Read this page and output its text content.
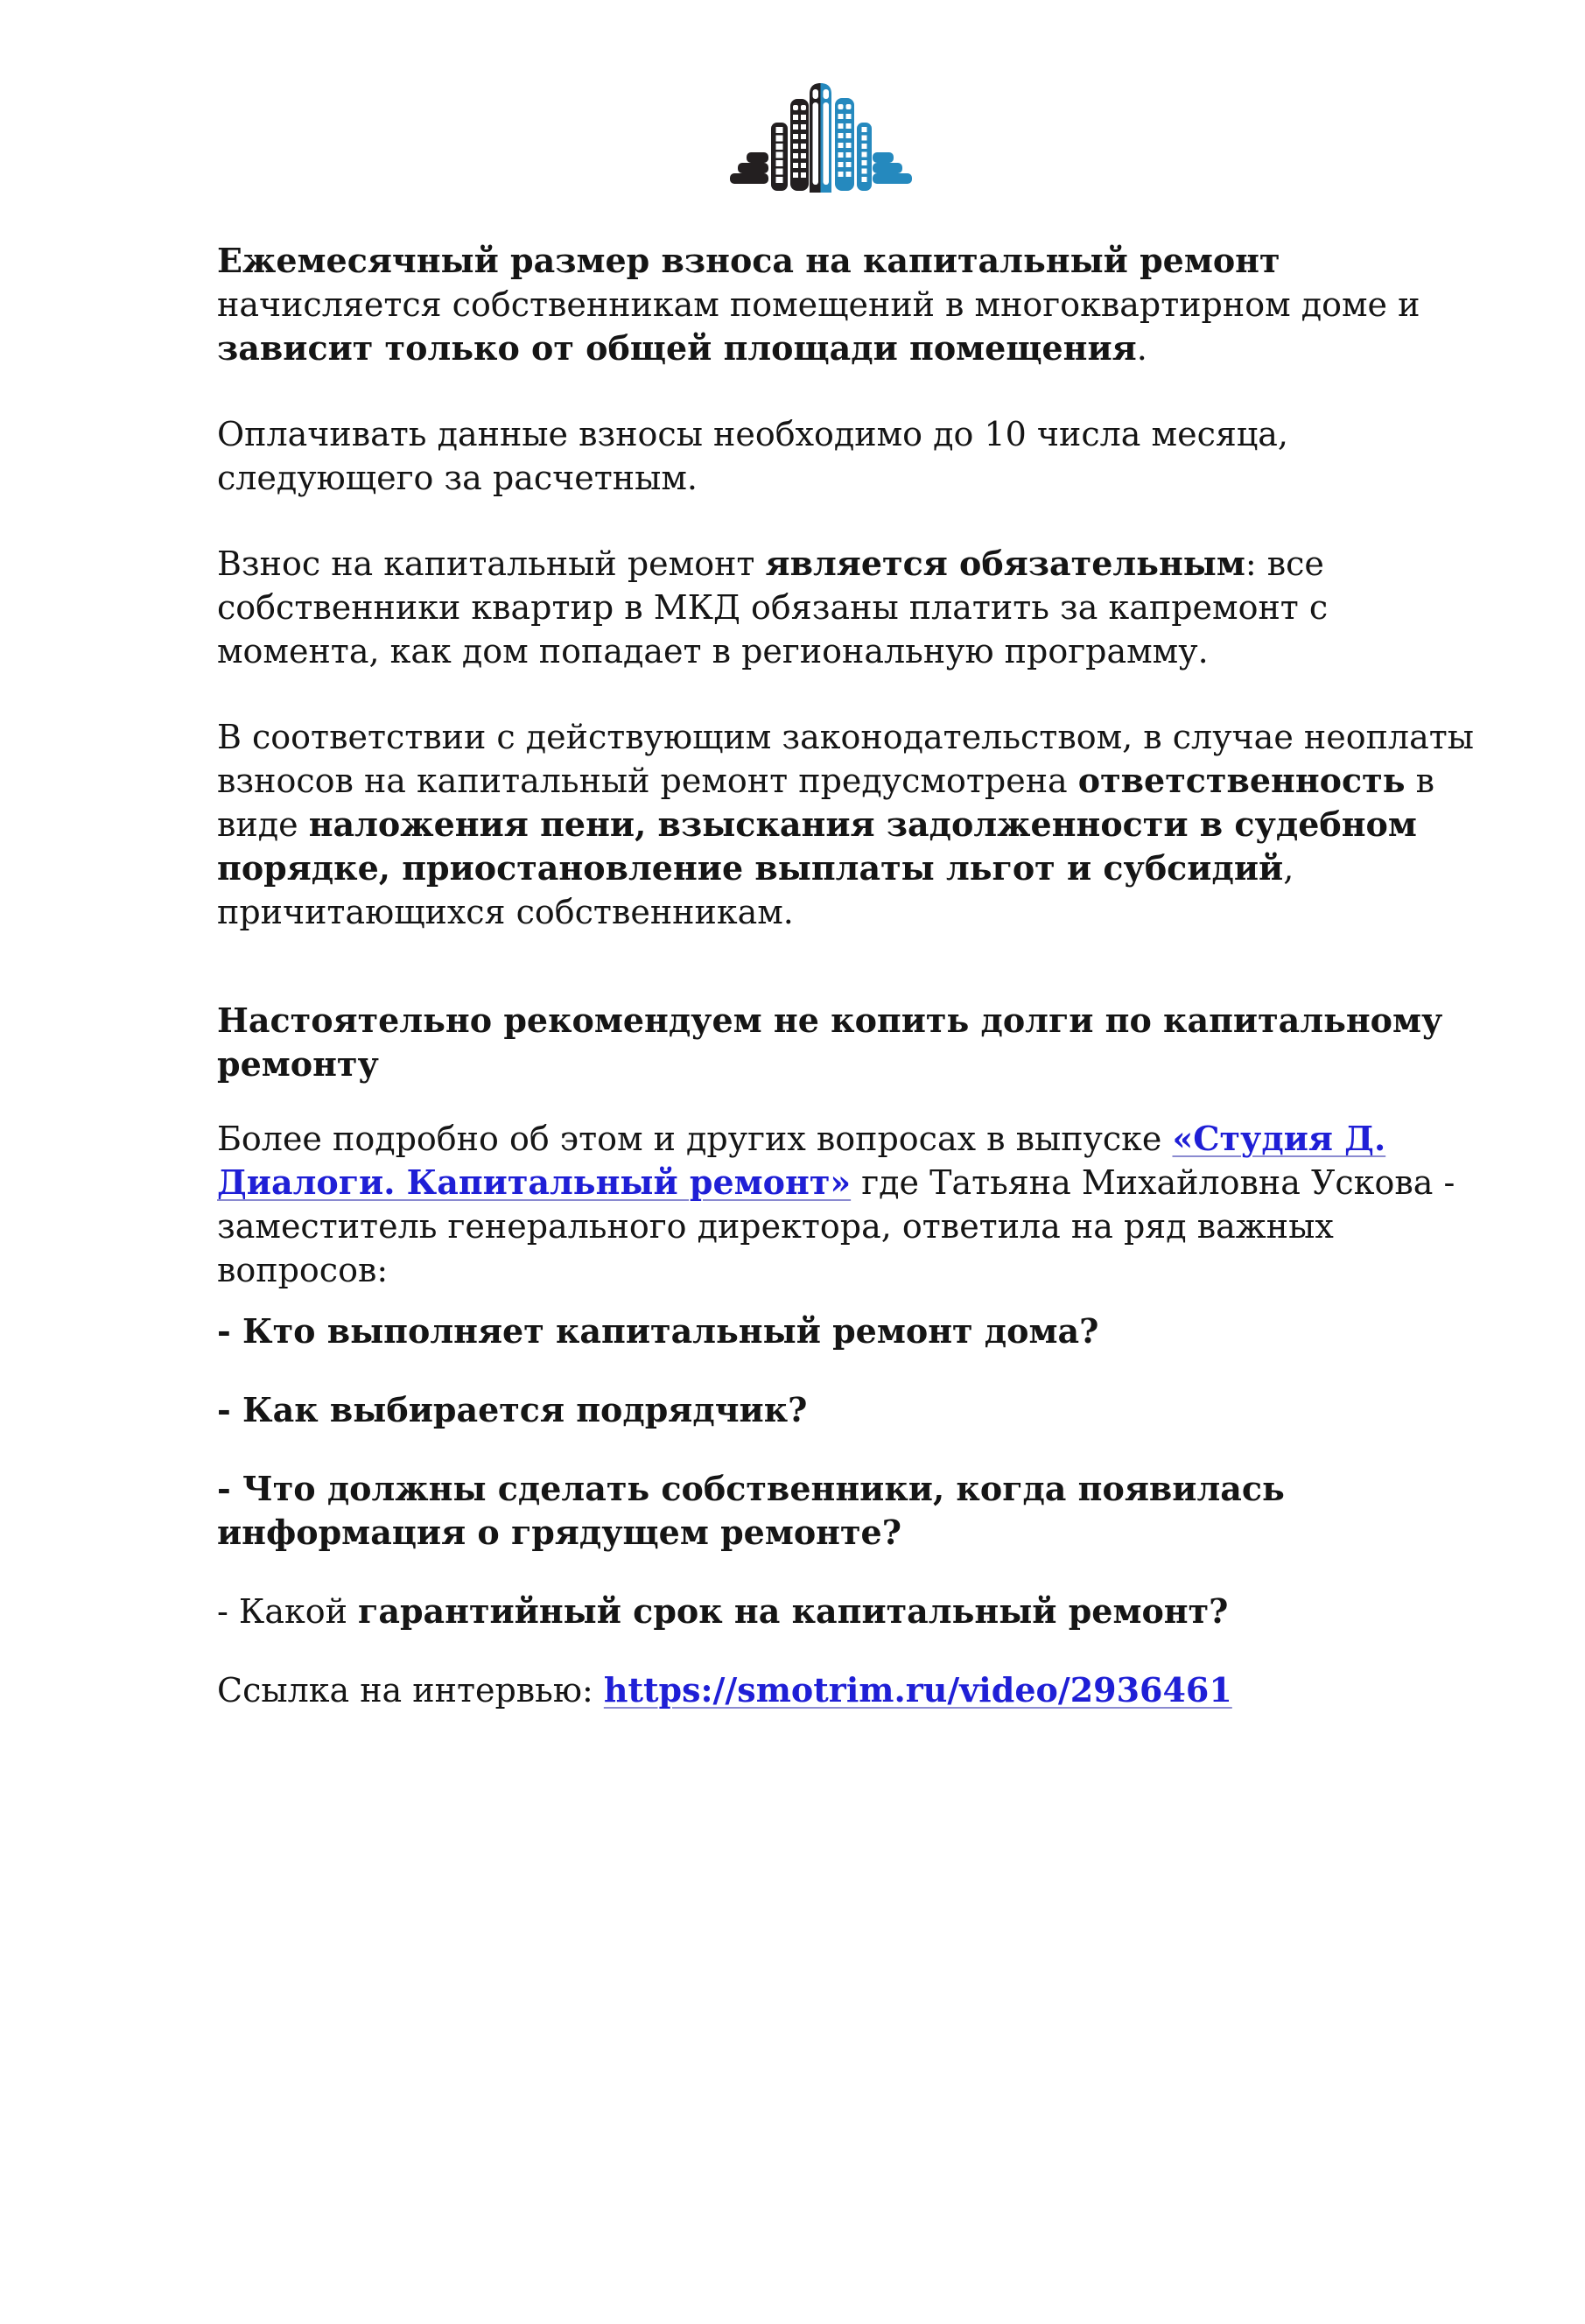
Ежемесячный размер взноса на капитальный ремонт
начисляется собственникам помещений в многоквартирном доме и зависит только от общей площади помещения.

Оплачивать данные взносы необходимо до 10 числа месяца, следующего за расчетным.

Взнос на капитальный ремонт является обязательным: все собственники квартир в МКД обязаны платить за капремонт с момента, как дом попадает в региональную программу.

В соответствии с действующим законодательством, в случае неоплаты взносов на капитальный ремонт предусмотрена ответственность в виде наложения пени, взыскания задолженности в судебном порядке, приостановление выплаты льгот и субсидий, причитающихся собственникам.

Настоятельно рекомендуем не копить долги по капитальному ремонту

Более подробно об этом и других вопросах в выпуске «Студия Д. Диалоги. Капитальный ремонт» где Татьяна Михайловна Ускова - заместитель генерального директора, ответила на ряд важных вопросов:

- Кто выполняет капитальный ремонт дома?

- Как выбирается подрядчик?

- Что должны сделать собственники, когда появилась информация о грядущем ремонте?

- Какой гарантийный срок на капитальный ремонт?

Ссылка на интервью: https://smotrim.ru/video/2936461
